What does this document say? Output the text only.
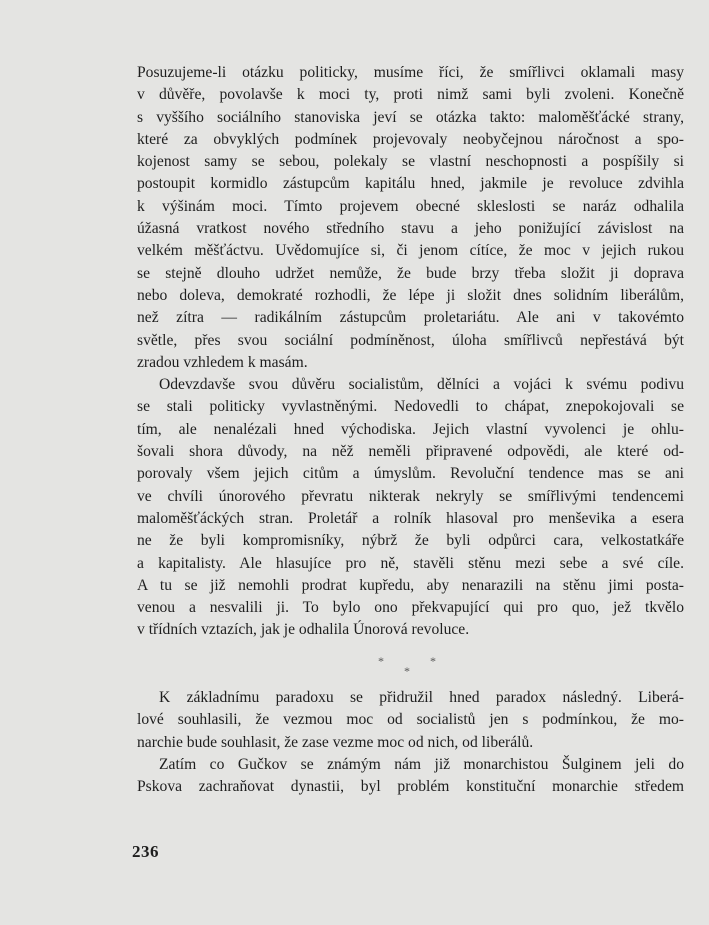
Posuzujeme-li otázku politicky, musíme říci, že smířlivci oklamali masy
v důvěře, povolavše k moci ty, proti nimž sami byli zvoleni. Konečně
s vyššího sociálního stanoviska jeví se otázka takto: maloměšťácké strany,
které za obvyklých podmínek projevovaly neobyčejnou náročnost a spo-
kojenost samy se sebou, polekaly se vlastní neschopnosti a pospíšily si
postoupit kormidlo zástupcům kapitálu hned, jakmile je revoluce zdvihla
k výšinám moci. Tímto projevem obecné skleslosti se naráz odhalila
úžasná vratkost nového středního stavu a jeho ponižující závislost na
velkém měšťáctvu. Uvědomujíce si, či jenom cítíce, že moc v jejich rukou
se stejně dlouho udržet nemůže, že bude brzy třeba složit ji doprava
nebo doleva, demokraté rozhodli, že lépe ji složit dnes solidním liberálům,
než zítra — radikálním zástupcům proletariátu. Ale ani v takovémto
světle, přes svou sociální podmíněnost, úloha smířlivců nepřestává být
zradou vzhledem k masám.
Odevzdavše svou důvěru socialistům, dělníci a vojáci k svému podivu
se stali politicky vyvlastněnými. Nedovedli to chápat, znepokojovali se
tím, ale nenalézali hned východiska. Jejich vlastní vyvolenci je ohlu-
šovali shora důvody, na něž neměli připravené odpovědi, ale které od-
porovaly všem jejich citům a úmyslům. Revoluční tendence mas se ani
ve chvíli únorového převratu nikterak nekryly se smířlivými tendencemi
maloměšťáckých stran. Proletář a rolník hlasoval pro menševika a esera
ne že byli kompromisníky, nýbrž že byli odpůrci cara, velkostatkáře
a kapitalisty. Ale hlasujíce pro ně, stavěli stěnu mezi sebe a své cíle.
A tu se již nemohli prodrat kupředu, aby nenarazili na stěnu jimi posta-
venou a nesvalili ji. To bylo ono překvapující qui pro quo, jež tkvělo
v třídních vztazích, jak je odhalila Únorová revoluce.
*	*
*
K základnímu paradoxu se přidružil hned paradox následný. Liberá-
lové souhlasili, že vezmou moc od socialistů jen s podmínkou, že mo-
narchie bude souhlasit, že zase vezme moc od nich, od liberálů.
Zatím co Gučkov se známým nám již monarchistou Šulginem jeli do
Pskova zachraňovat dynastii, byl problém konstituční monarchie středem
236
